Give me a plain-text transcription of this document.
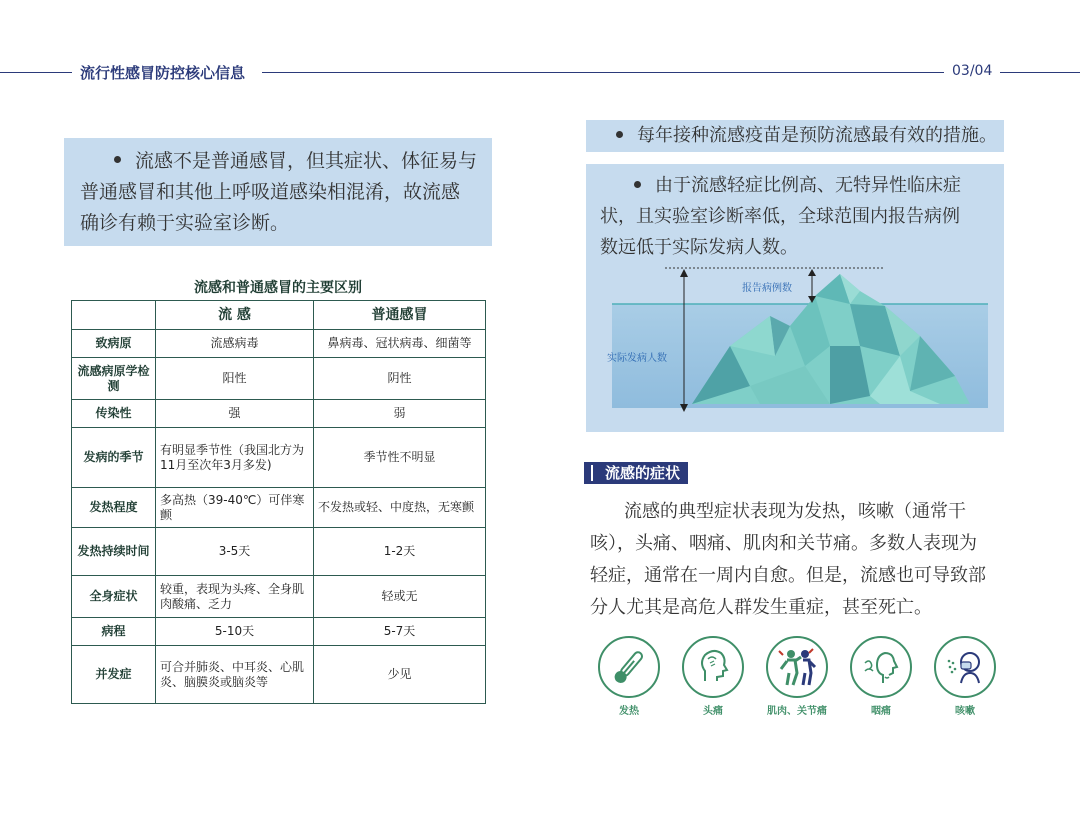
流行性感冒防控核心信息	03/04
流感不是普通感冒，但其症状、体征易与
普通感冒和其他上呼吸道感染相混淆，故流感
确诊有赖于实验室诊断。
流感和普通感冒的主要区别
	流 感	普通感冒
致病原	流感病毒	鼻病毒、冠状病毒、细菌等
流感病原学检测	阳性	阴性
传染性	强	弱
发病的季节	有明显季节性（我国北方为11月至次年3月多发)	季节性不明显
发热程度	多高热（39-40℃）可伴寒颤	不发热或轻、中度热，无寒颤
发热持续时间	3-5天	1-2天
全身症状	较重，表现为头疼、全身肌肉酸痛、乏力	轻或无
病程	5-10天	5-7天
并发症	可合并肺炎、中耳炎、心肌炎、脑膜炎或脑炎等	少见
每年接种流感疫苗是预防流感最有效的措施。
由于流感轻症比例高、无特异性临床症
状，且实验室诊断率低，全球范围内报告病例
数远低于实际发病人数。
报告病例数
实际发病人数
流感的症状
流感的典型症状表现为发热，咳嗽（通常干
咳），头痛、咽痛、肌肉和关节痛。多数人表现为
轻症，通常在一周内自愈。但是，流感也可导致部
分人尤其是高危人群发生重症，甚至死亡。
发热	头痛	肌肉、关节痛	咽痛	咳嗽
